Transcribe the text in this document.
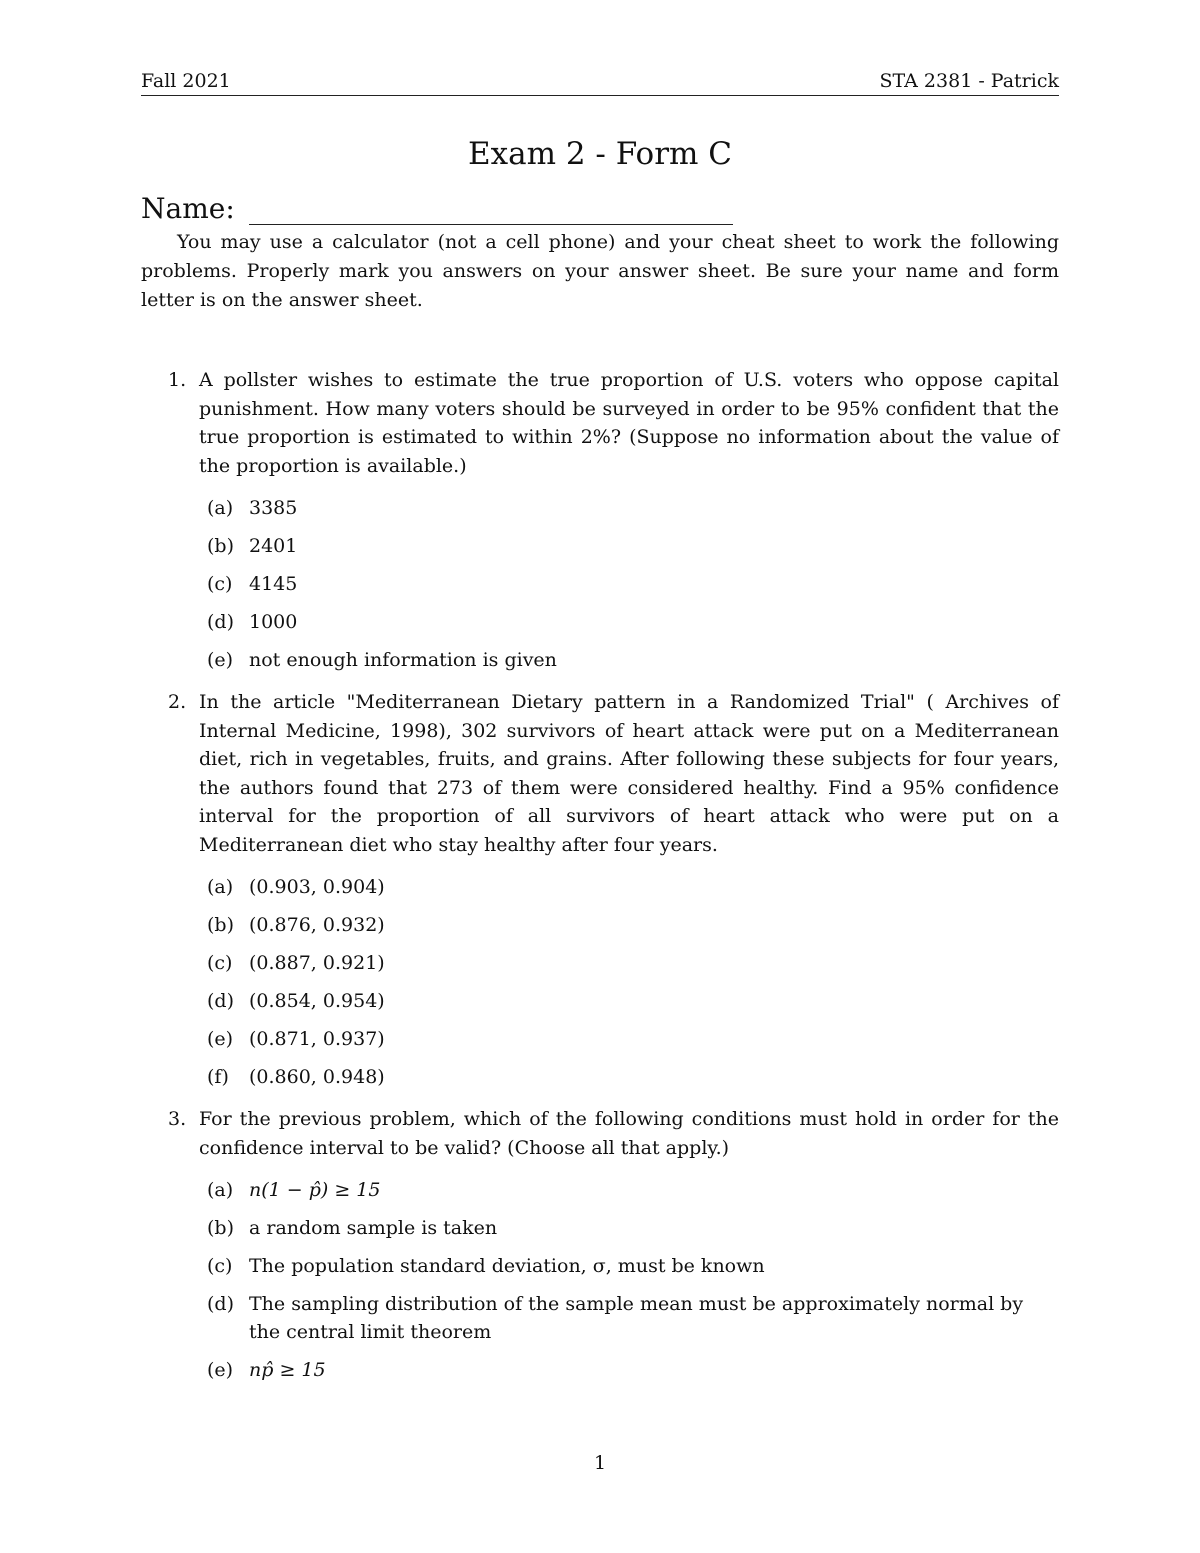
Fall 2021	STA 2381 - Patrick
Exam 2 - Form C
Name:
You may use a calculator (not a cell phone) and your cheat sheet to work the following problems. Properly mark you answers on your answer sheet. Be sure your name and form letter is on the answer sheet.
1. A pollster wishes to estimate the true proportion of U.S. voters who oppose capital punishment. How many voters should be surveyed in order to be 95% confident that the true proportion is estimated to within 2%? (Suppose no information about the value of the proportion is available.)
(a) 3385
(b) 2401
(c) 4145
(d) 1000
(e) not enough information is given
2. In the article "Mediterranean Dietary pattern in a Randomized Trial" ( Archives of Internal Medicine, 1998), 302 survivors of heart attack were put on a Mediterranean diet, rich in vegetables, fruits, and grains. After following these subjects for four years, the authors found that 273 of them were considered healthy. Find a 95% confidence interval for the proportion of all survivors of heart attack who were put on a Mediterranean diet who stay healthy after four years.
(a) (0.903, 0.904)
(b) (0.876, 0.932)
(c) (0.887, 0.921)
(d) (0.854, 0.954)
(e) (0.871, 0.937)
(f) (0.860, 0.948)
3. For the previous problem, which of the following conditions must hold in order for the confidence interval to be valid? (Choose all that apply.)
(a) n(1 − p̂) ≥ 15
(b) a random sample is taken
(c) The population standard deviation, σ, must be known
(d) The sampling distribution of the sample mean must be approximately normal by the central limit theorem
(e) np̂ ≥ 15
1
